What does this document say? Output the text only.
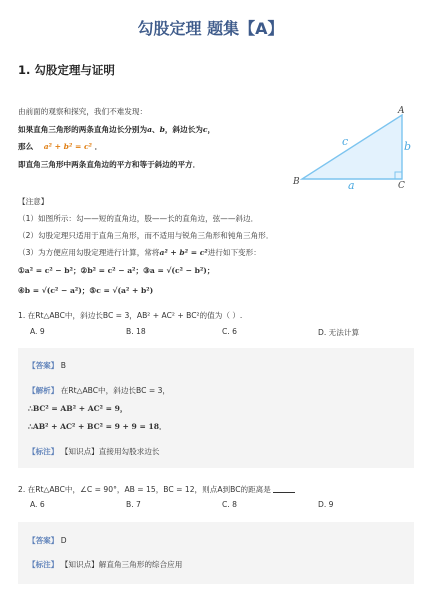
勾股定理 题集【A】
1. 勾股定理与证明
由前面的观察和探究，我们不难发现：
如果直角三角形的两条直角边长分别为a、b，斜边长为c，
那么 a² + b² = c² ．
即直角三角形中两条直角边的平方和等于斜边的平方．
B
A
C
a
b
c
【注意】
（1）如图所示：勾——短的直角边，股——长的直角边，弦——斜边．
（2）勾股定理只适用于直角三角形，而不适用与锐角三角形和钝角三角形．
（3）为方便应用勾股定理进行计算，常将a² + b² = c²进行如下变形：
①a² = c² − b²；②b² = c² − a²；③a = √(c² − b²)；
④b = √(c² − a²)；⑤c = √(a² + b²)
1. 在Rt△ABC中，斜边长BC = 3，AB² + AC² + BC²的值为（ ）.
A. 9	B. 18	C. 6	D. 无法计算
【答案】 B
【解析】 在Rt△ABC中，斜边长BC = 3，
∴BC² = AB² + AC² = 9，
∴AB² + AC² + BC² = 9 + 9 = 18．
【标注】 【知识点】直接用勾股求边长
2. 在Rt△ABC中，∠C = 90°，AB = 15，BC = 12，则点A到BC的距离是
A. 6	B. 7	C. 8	D. 9
【答案】 D
【标注】 【知识点】解直角三角形的综合应用
